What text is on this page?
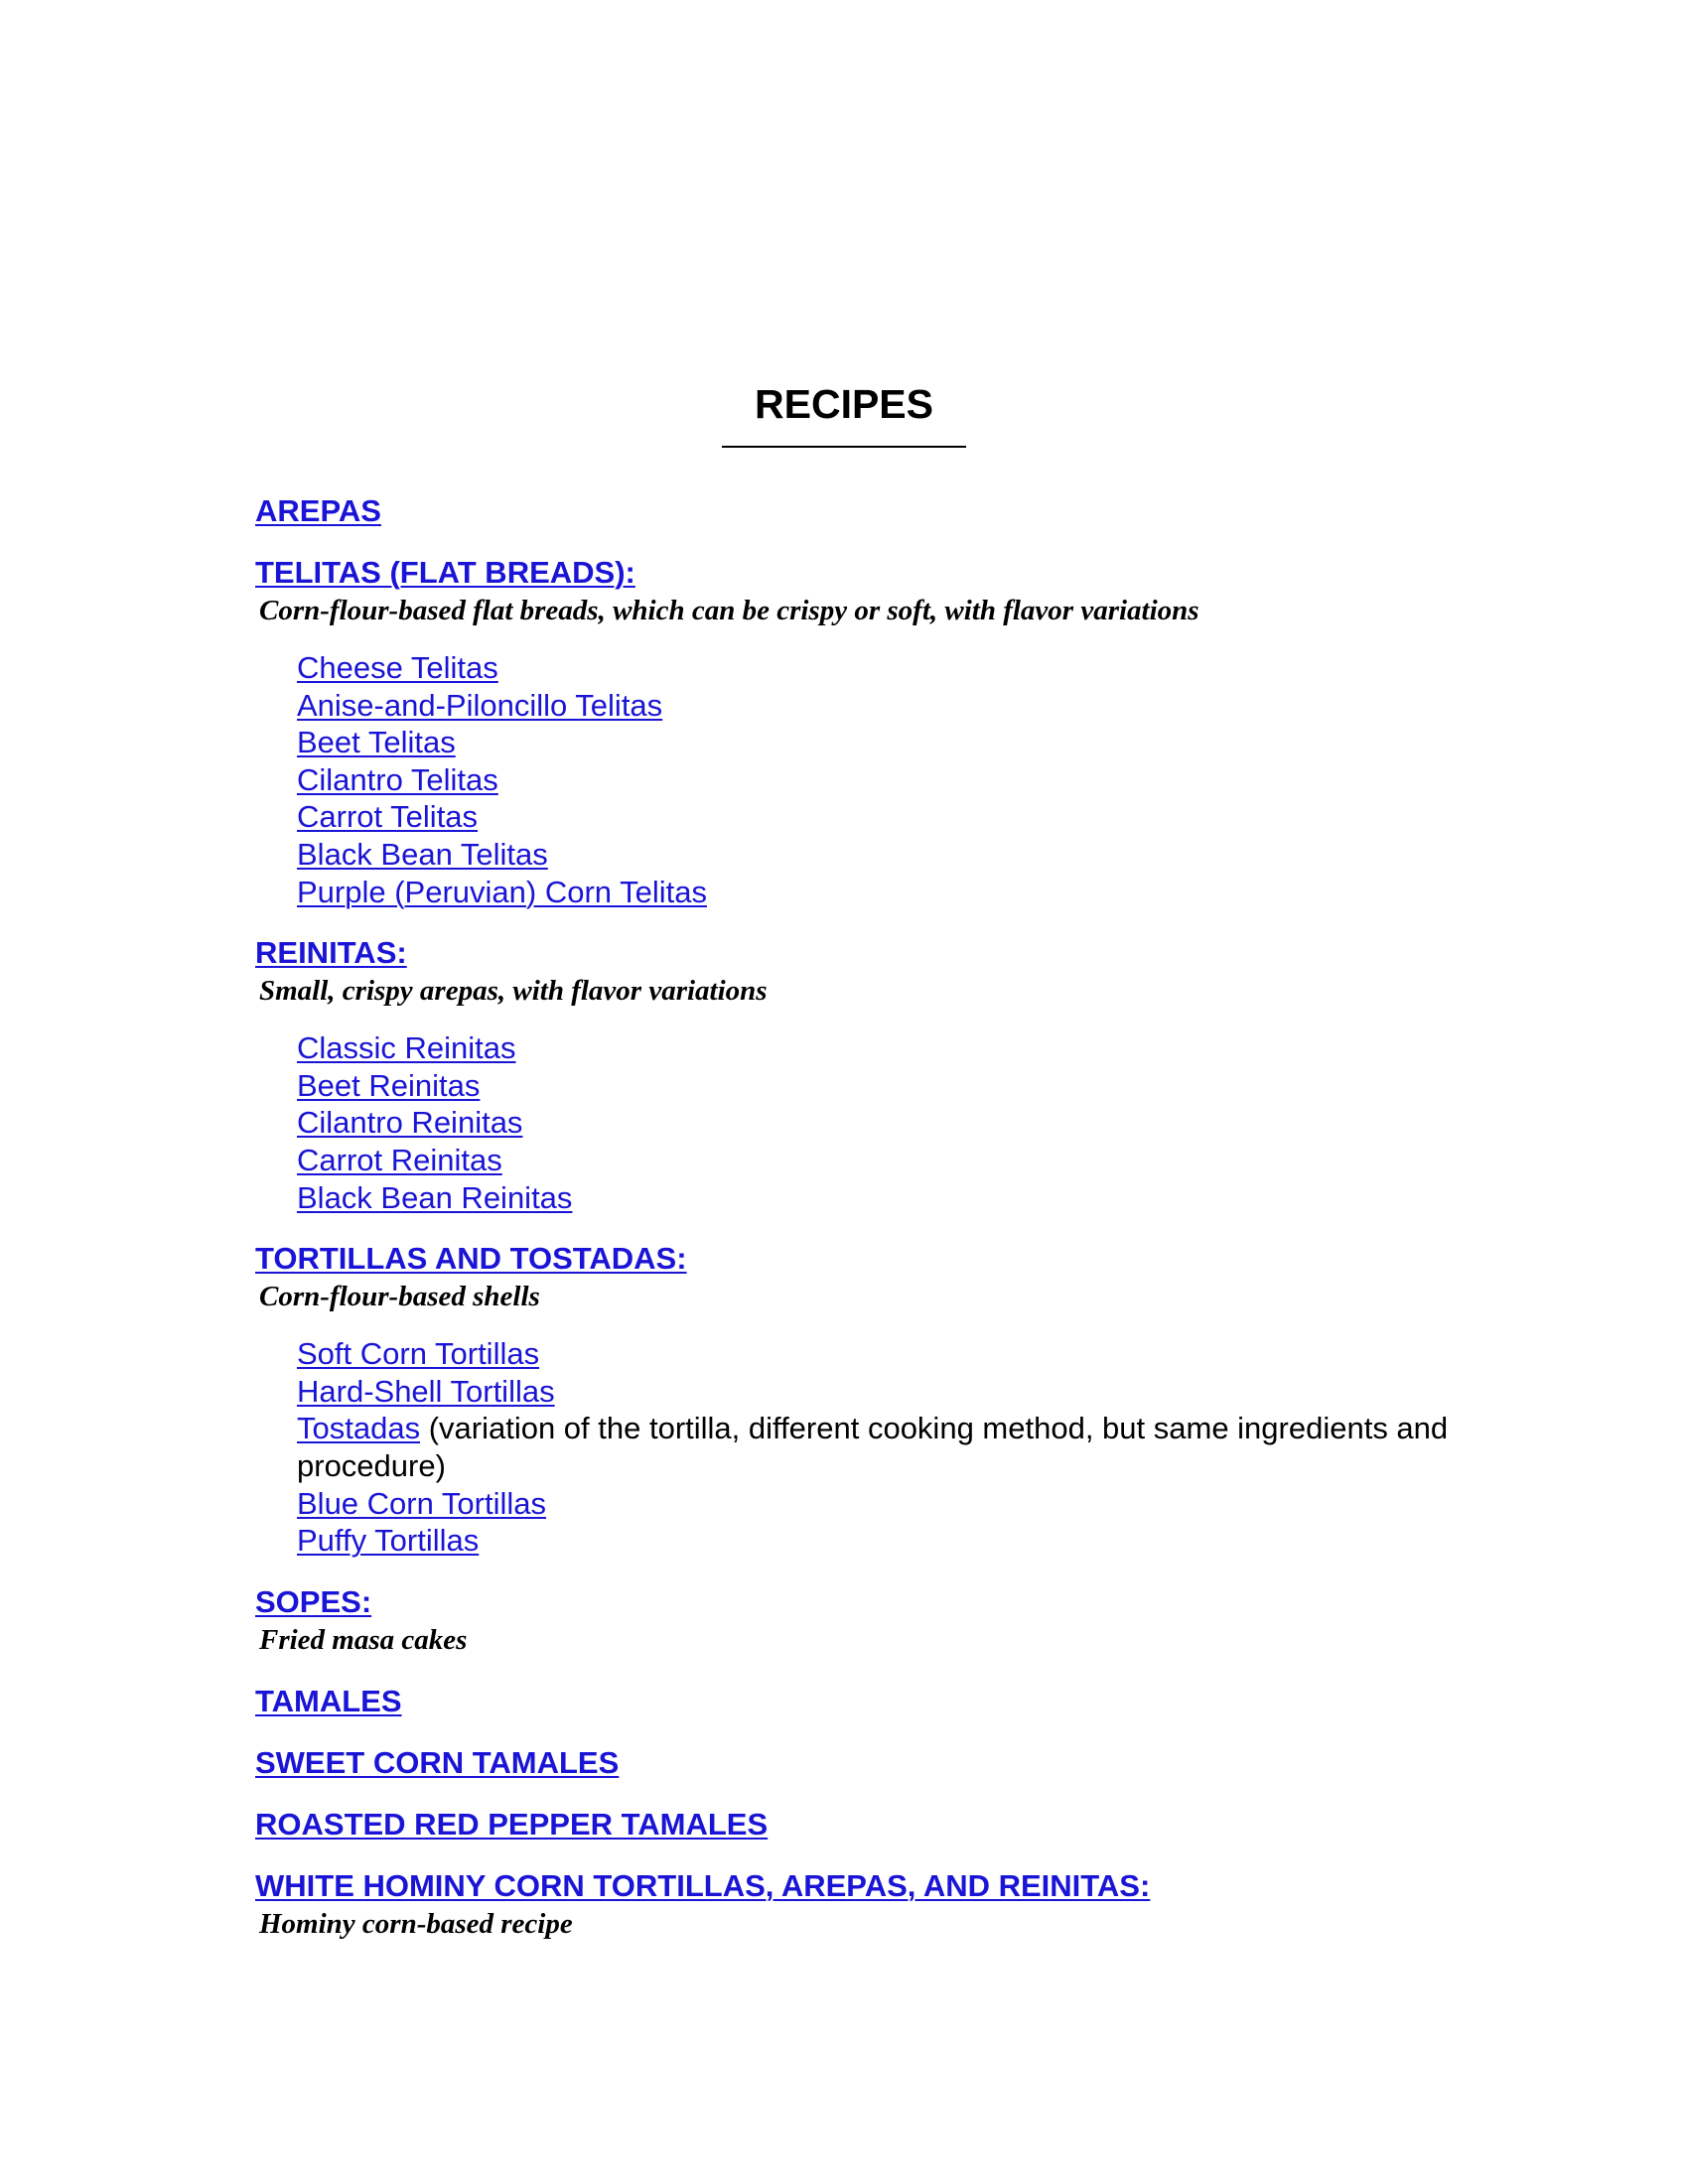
RECIPES
AREPAS
TELITAS (FLAT BREADS):

Corn-flour-based flat breads, which can be crispy or soft, with flavor variations

Cheese Telitas
Anise-and-Piloncillo Telitas
Beet Telitas
Cilantro Telitas
Carrot Telitas
Black Bean Telitas
Purple (Peruvian) Corn Telitas
REINITAS:

Small, crispy arepas, with flavor variations

Classic Reinitas
Beet Reinitas
Cilantro Reinitas
Carrot Reinitas
Black Bean Reinitas
TORTILLAS AND TOSTADAS:

Corn-flour-based shells

Soft Corn Tortillas
Hard-Shell Tortillas
Tostadas (variation of the tortilla, different cooking method, but same ingredients and procedure)
Blue Corn Tortillas
Puffy Tortillas
SOPES:

Fried masa cakes

TAMALES
SWEET CORN TAMALES
ROASTED RED PEPPER TAMALES
WHITE HOMINY CORN TORTILLAS, AREPAS, AND REINITAS:

Hominy corn-based recipe
